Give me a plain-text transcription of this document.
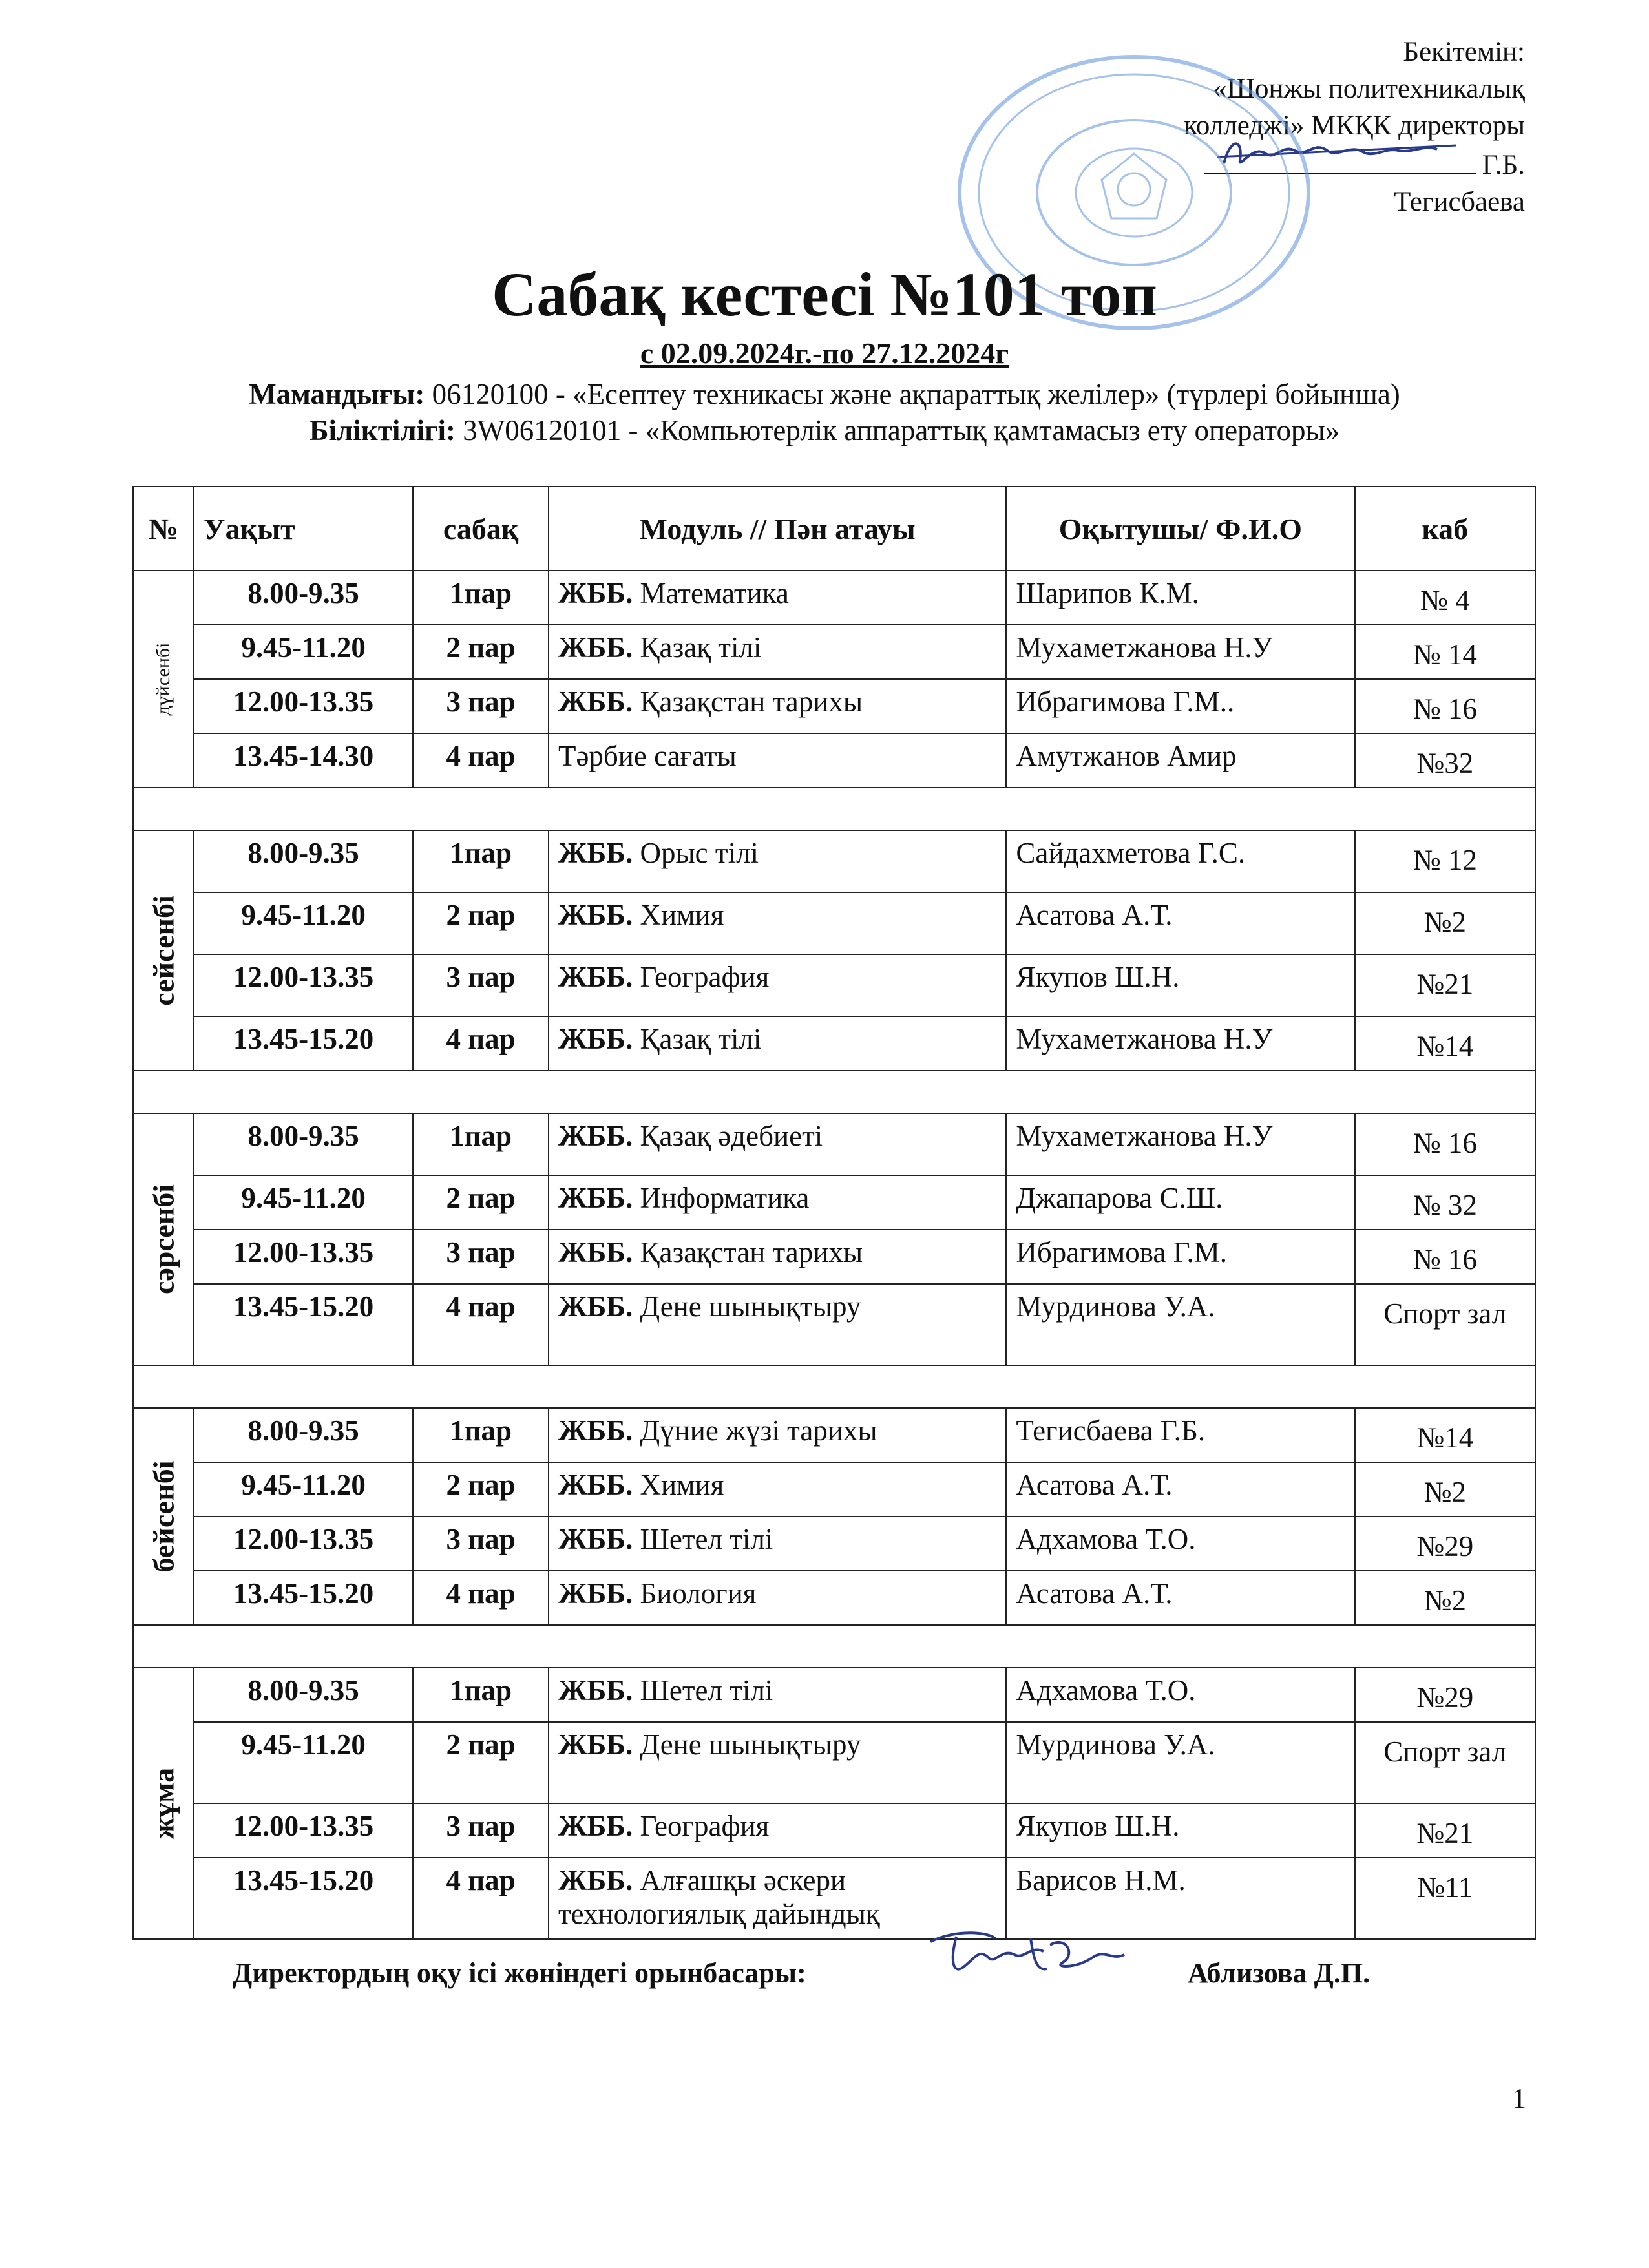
Бекітемін:
«Шонжы политехникалық
колледжі» МКҚК директоры
Г.Б. Тегисбаева
Сабақ кестесі №101 топ
с 02.09.2024г.-по 27.12.2024г
Мамандығы: 06120100 - «Есептеу техникасы және ақпараттық желілер» (түрлері бойынша)
Біліктілігі: 3W06120101 - «Компьютерлік аппараттық қамтамасыз ету операторы»
№	Уақыт	сабақ	Модуль // Пән атауы	Оқытушы/ Ф.И.О	каб

дүйсенбі	8.00-9.35	1пар	ЖББ. Математика	Шарипов К.М.	№ 4
	9.45-11.20	2 пар	ЖББ. Қазақ тілі	Мухаметжанова Н.У	№ 14
	12.00-13.35	3 пар	ЖББ. Қазақстан тарихы	Ибрагимова Г.М..	№ 16
	13.45-14.30	4 пар	Тәрбие сағаты	Амутжанов Амир	№32

сейсенбі	8.00-9.35	1пар	ЖББ. Орыс тілі	Сайдахметова Г.С.	№ 12
	9.45-11.20	2 пар	ЖББ. Химия	Асатова А.Т.	№2
	12.00-13.35	3 пар	ЖББ. География	Якупов Ш.Н.	№21
	13.45-15.20	4 пар	ЖББ. Қазақ тілі	Мухаметжанова Н.У	№14

сәрсенбі	8.00-9.35	1пар	ЖББ. Қазақ әдебиеті	Мухаметжанова Н.У	№ 16
	9.45-11.20	2 пар	ЖББ. Информатика	Джапарова С.Ш.	№ 32
	12.00-13.35	3 пар	ЖББ. Қазақстан тарихы	Ибрагимова Г.М.	№ 16
	13.45-15.20	4 пар	ЖББ. Дене шынықтыру	Мурдинова У.А.	Спорт зал

бейсенбі	8.00-9.35	1пар	ЖББ. Дүние жүзі тарихы	Тегисбаева Г.Б.	№14
	9.45-11.20	2 пар	ЖББ. Химия	Асатова А.Т.	№2
	12.00-13.35	3 пар	ЖББ. Шетел тілі	Адхамова Т.О.	№29
	13.45-15.20	4 пар	ЖББ. Биология	Асатова А.Т.	№2

жұма	8.00-9.35	1пар	ЖББ. Шетел тілі	Адхамова Т.О.	№29
	9.45-11.20	2 пар	ЖББ. Дене шынықтыру	Мурдинова У.А.	Спорт зал
	12.00-13.35	3 пар	ЖББ. География	Якупов Ш.Н.	№21
	13.45-15.20	4 пар	ЖББ. Алғашқы әскери технологиялық дайындық	Барисов Н.М.	№11
Директордың оқу ісі жөніндегі орынбасары:	Аблизова Д.П.
1
